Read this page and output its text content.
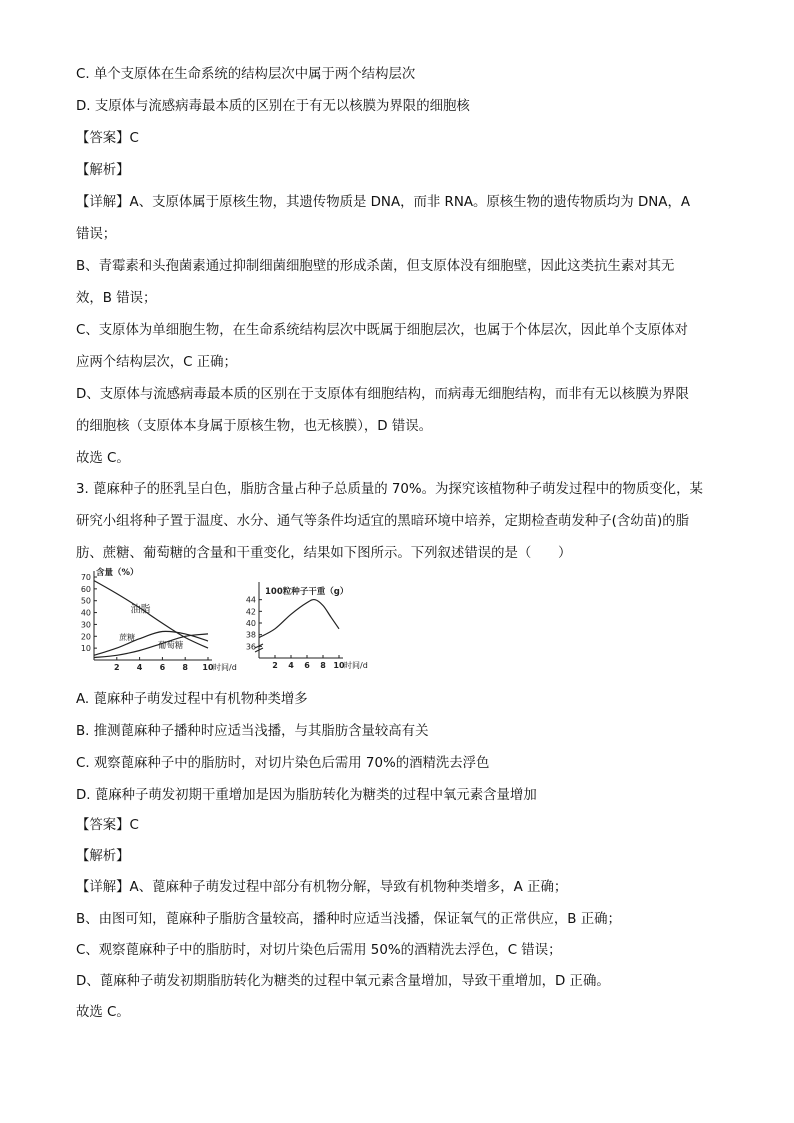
C. 单个支原体在生命系统的结构层次中属于两个结构层次
D. 支原体与流感病毒最本质的区别在于有无以核膜为界限的细胞核
【答案】C
【解析】
【详解】A、支原体属于原核生物，其遗传物质是 DNA，而非 RNA。原核生物的遗传物质均为 DNA，A
错误；
B、青霉素和头孢菌素通过抑制细菌细胞壁的形成杀菌，但支原体没有细胞壁，因此这类抗生素对其无
效，B 错误；
C、支原体为单细胞生物，在生命系统结构层次中既属于细胞层次，也属于个体层次，因此单个支原体对
应两个结构层次，C 正确；
D、支原体与流感病毒最本质的区别在于支原体有细胞结构，而病毒无细胞结构，而非有无以核膜为界限
的细胞核（支原体本身属于原核生物，也无核膜），D 错误。
故选 C。
3. 蓖麻种子的胚乳呈白色，脂肪含量占种子总质量的 70%。为探究该植物种子萌发过程中的物质变化，某
研究小组将种子置于温度、水分、通气等条件均适宜的黑暗环境中培养，定期检查萌发种子(含幼苗)的脂
肪、蔗糖、葡萄糖的含量和干重变化，结果如下图所示。下列叙述错误的是（　　）
10
20
30
40
50
60
70
2 4 6 8 10
含量（%）
时间/d
油脂
蔗糖
葡萄糖	36
38
40
42
44
2 4 6 8 10
100粒种子干重（g）
时间/d
A. 蓖麻种子萌发过程中有机物种类增多
B. 推测蓖麻种子播种时应适当浅播，与其脂肪含量较高有关
C. 观察蓖麻种子中的脂肪时，对切片染色后需用 70%的酒精洗去浮色
D. 蓖麻种子萌发初期干重增加是因为脂肪转化为糖类的过程中氧元素含量增加
【答案】C
【解析】
【详解】A、蓖麻种子萌发过程中部分有机物分解，导致有机物种类增多，A 正确；
B、由图可知，蓖麻种子脂肪含量较高，播种时应适当浅播，保证氧气的正常供应，B 正确；
C、观察蓖麻种子中的脂肪时，对切片染色后需用 50%的酒精洗去浮色，C 错误；
D、蓖麻种子萌发初期脂肪转化为糖类的过程中氧元素含量增加，导致干重增加，D 正确。
故选 C。
